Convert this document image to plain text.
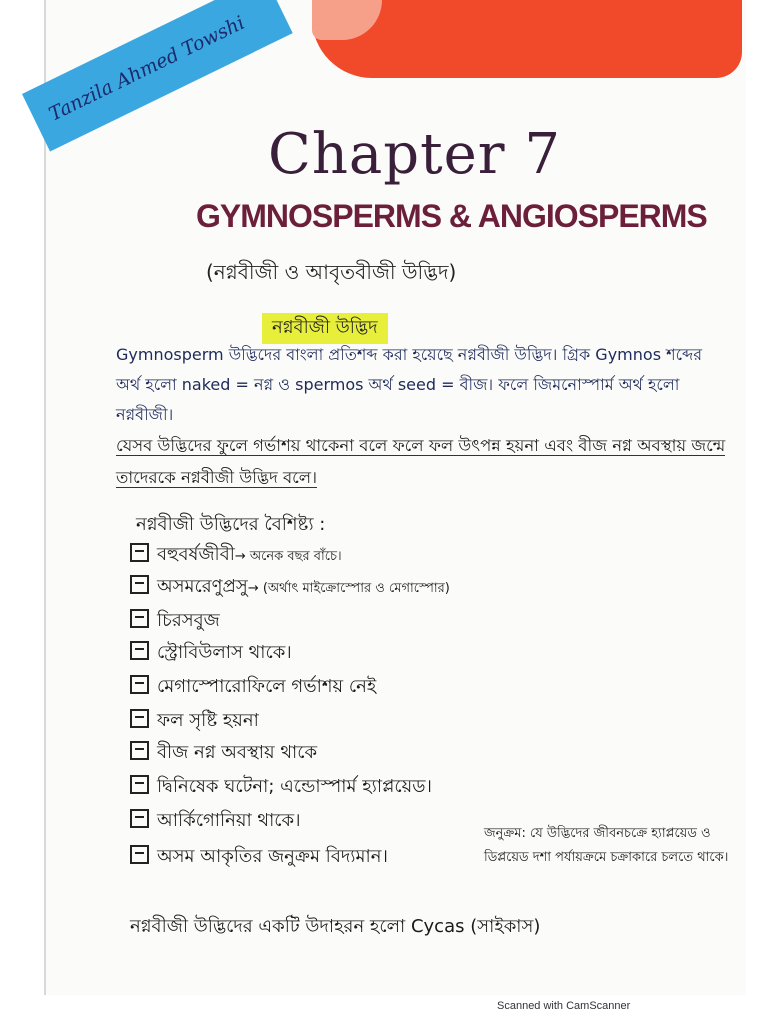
Tanzila Ahmed Towshi
Chapter 7
GYMNOSPERMS & ANGIOSPERMS
(নগ্নবীজী ও আবৃতবীজী উদ্ভিদ)
নগ্নবীজী উদ্ভিদ
Gymnosperm উদ্ভিদের বাংলা প্রতিশব্দ করা হয়েছে নগ্নবীজী উদ্ভিদ। গ্রিক Gymnos শব্দের অর্থ হলো naked = নগ্ন ও spermos অর্থ seed = বীজ। ফলে জিমনোস্পার্ম অর্থ হলো নগ্নবীজী।
যেসব উদ্ভিদের ফুলে গর্ভাশয় থাকেনা বলে ফলে ফল উৎপন্ন হয়না এবং বীজ নগ্ন অবস্থায় জন্মে তাদেরকে নগ্নবীজী উদ্ভিদ বলে।
নগ্নবীজী উদ্ভিদের বৈশিষ্ট্য :
বহুবর্ষজীবী→ অনেক বছর বাঁচে।
অসমরেণুপ্রসু→ (অর্থাৎ মাইক্রোস্পোর ও মেগাস্পোর)
চিরসবুজ
স্ট্রোবিউলাস থাকে।
মেগাস্পোরোফিলে গর্ভাশয় নেই
ফল সৃষ্টি হয়না
বীজ নগ্ন অবস্থায় থাকে
দ্বিনিষেক ঘটেনা; এন্ডোস্পার্ম হ্যাপ্লয়েড।
আর্কিগোনিয়া থাকে।
অসম আকৃতির জনুক্রম বিদ্যমান।
জনুক্রম: যে উদ্ভিদের জীবনচক্রে হ্যাপ্লয়েড ও ডিপ্লয়েড দশা পর্যায়ক্রমে চক্রাকারে চলতে থাকে।
নগ্নবীজী উদ্ভিদের একটি উদাহরন হলো Cycas (সাইকাস)
Scanned with CamScanner
